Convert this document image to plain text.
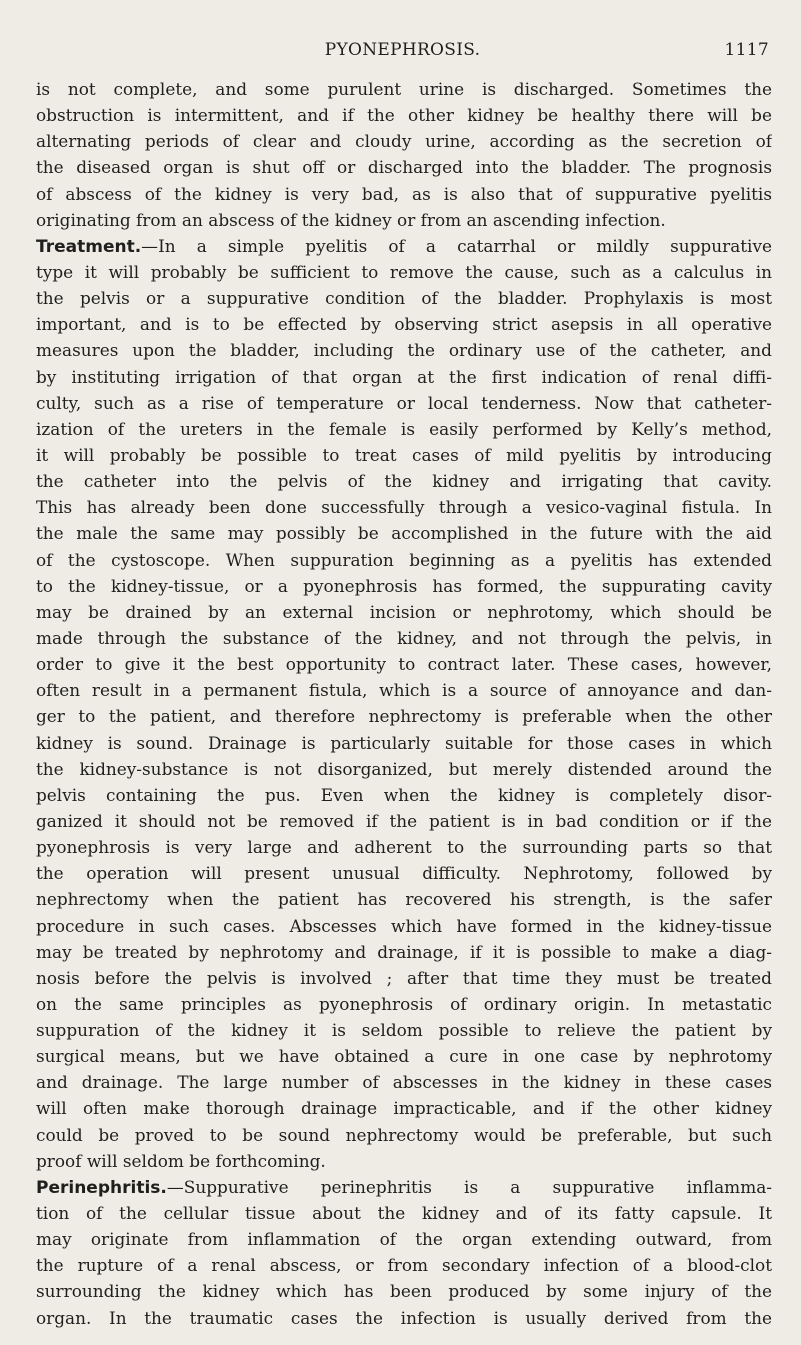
PYONEPHROSIS.	1117
is not complete, and some purulent urine is discharged. Sometimes the
obstruction is intermittent, and if the other kidney be healthy there will be
alternating periods of clear and cloudy urine, according as the secretion of
the diseased organ is shut off or discharged into the bladder. The prognosis
of abscess of the kidney is very bad, as is also that of suppurative pyelitis
originating from an abscess of the kidney or from an ascending infection.
Treatment.—In a simple pyelitis of a catarrhal or mildly suppurative
type it will probably be sufficient to remove the cause, such as a calculus in
the pelvis or a suppurative condition of the bladder. Prophylaxis is most
important, and is to be effected by observing strict asepsis in all operative
measures upon the bladder, including the ordinary use of the catheter, and
by instituting irrigation of that organ at the first indication of renal diffi-
culty, such as a rise of temperature or local tenderness. Now that catheter-
ization of the ureters in the female is easily performed by Kelly’s method,
it will probably be possible to treat cases of mild pyelitis by introducing
the catheter into the pelvis of the kidney and irrigating that cavity.
This has already been done successfully through a vesico-vaginal fistula. In
the male the same may possibly be accomplished in the future with the aid
of the cystoscope. When suppuration beginning as a pyelitis has extended
to the kidney-tissue, or a pyonephrosis has formed, the suppurating cavity
may be drained by an external incision or nephrotomy, which should be
made through the substance of the kidney, and not through the pelvis, in
order to give it the best opportunity to contract later. These cases, however,
often result in a permanent fistula, which is a source of annoyance and dan-
ger to the patient, and therefore nephrectomy is preferable when the other
kidney is sound. Drainage is particularly suitable for those cases in which
the kidney-substance is not disorganized, but merely distended around the
pelvis containing the pus. Even when the kidney is completely disor-
ganized it should not be removed if the patient is in bad condition or if the
pyonephrosis is very large and adherent to the surrounding parts so that
the operation will present unusual difficulty. Nephrotomy, followed by
nephrectomy when the patient has recovered his strength, is the safer
procedure in such cases. Abscesses which have formed in the kidney-tissue
may be treated by nephrotomy and drainage, if it is possible to make a diag-
nosis before the pelvis is involved ; after that time they must be treated
on the same principles as pyonephrosis of ordinary origin. In metastatic
suppuration of the kidney it is seldom possible to relieve the patient by
surgical means, but we have obtained a cure in one case by nephrotomy
and drainage. The large number of abscesses in the kidney in these cases
will often make thorough drainage impracticable, and if the other kidney
could be proved to be sound nephrectomy would be preferable, but such
proof will seldom be forthcoming.
Perinephritis.—Suppurative perinephritis is a suppurative inflamma-
tion of the cellular tissue about the kidney and of its fatty capsule. It
may originate from inflammation of the organ extending outward, from
the rupture of a renal abscess, or from secondary infection of a blood-clot
surrounding the kidney which has been produced by some injury of the
organ. In the traumatic cases the infection is usually derived from the
